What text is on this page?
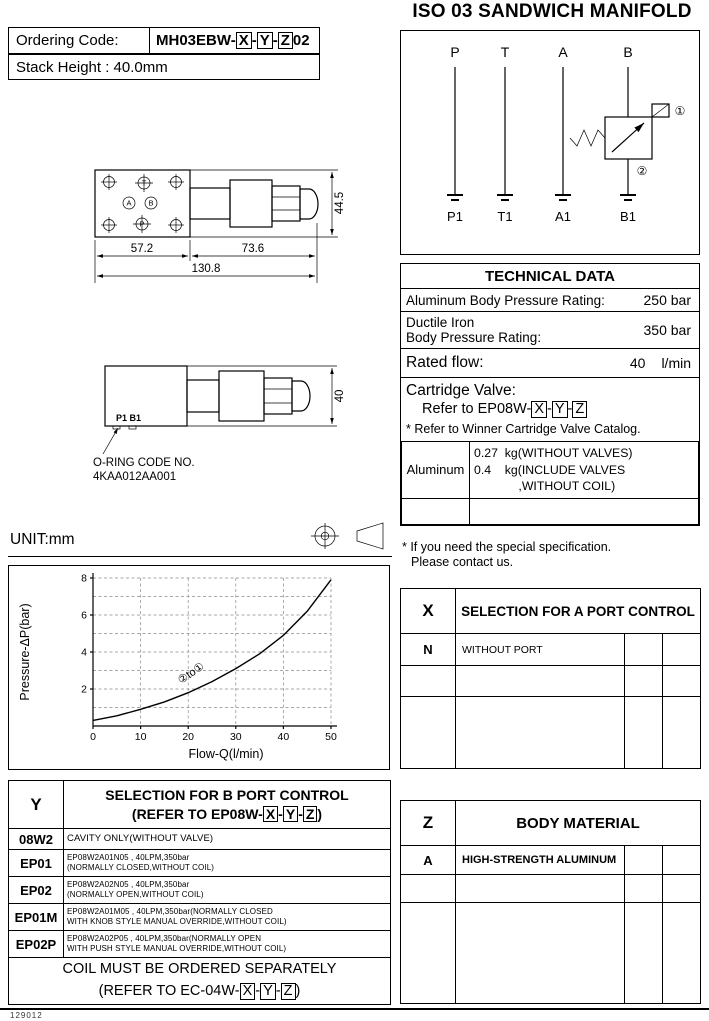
Ordering Code:	MH03EBW- X - Y - Z 02
Stack Height : 40.0mm
ISO 03 SANDWICH MANIFOLD
P	T	A	B
P1	T1	A1	B1
①
②
T
A B
P
57.2	73.6
130.8
44.5
P1 B1
40
O-RING CODE NO.
4KAA012AA001
UNIT:mm
0	10	20	30	40	50
2
4
6
8
②to①
Flow-Q(l/min)
Pressure-ΔP(bar)
TECHNICAL DATA
Aluminum Body Pressure Rating:	250 bar
Ductile Iron
Body Pressure Rating:	350 bar
Rated flow:	40 l/min
Cartridge Valve:
Refer to EP08W- X - Y - Z
* Refer to Winner Cartridge Valve Catalog.
Aluminum	0.27  kg(WITHOUT VALVES)
0.4    kg(INCLUDE VALVES
,WITHOUT COIL)

* If you need the special specification.
Please contact us.
X	SELECTION FOR A PORT CONTROL		
N	WITHOUT PORT		

Y	SELECTION FOR B PORT CONTROL
(REFER TO EP08W- X - Y - Z )

08W2	CAVITY ONLY(WITHOUT VALVE)

EP01	EP08W2A01N05 , 40LPM,350bar
(NORMALLY CLOSED,WITHOUT COIL)

EP02	EP08W2A02N05 , 40LPM,350bar
(NORMALLY OPEN,WITHOUT COIL)

EP01M	EP08W2A01M05 , 40LPM,350bar(NORMALLY CLOSED
WITH KNOB STYLE MANUAL OVERRIDE,WITHOUT COIL)

EP02P	EP08W2A02P05 , 40LPM,350bar(NORMALLY OPEN
WITH PUSH STYLE MANUAL OVERRIDE,WITHOUT COIL)

COIL MUST BE ORDERED SEPARATELY
(REFER TO EC-04W- X - Y - Z )	
Z	BODY MATERIAL		
A	HIGH-STRENGTH ALUMINUM		

129012
